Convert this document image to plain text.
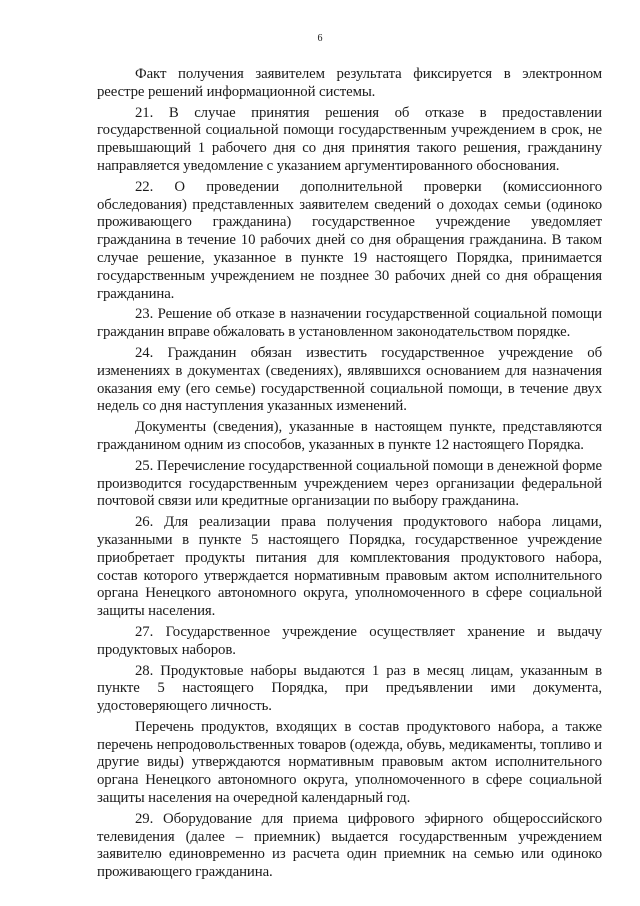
6

Факт получения заявителем результата фиксируется в электронном реестре решений информационной системы.

21. В случае принятия решения об отказе в предоставлении государственной социальной помощи государственным учреждением в срок, не превышающий 1 рабочего дня со дня принятия такого решения, гражданину направляется уведомление с указанием аргументированного обоснования.

22. О проведении дополнительной проверки (комиссионного обследования) представленных заявителем сведений о доходах семьи (одиноко проживающего гражданина) государственное учреждение уведомляет гражданина в течение 10 рабочих дней со дня обращения гражданина. В таком случае решение, указанное в пункте 19 настоящего Порядка, принимается государственным учреждением не позднее 30 рабочих дней со дня обращения гражданина.

23. Решение об отказе в назначении государственной социальной помощи гражданин вправе обжаловать в установленном законодательством порядке.

24. Гражданин обязан известить государственное учреждение об изменениях в документах (сведениях), являвшихся основанием для назначения оказания ему (его семье) государственной социальной помощи, в течение двух недель со дня наступления указанных изменений.

Документы (сведения), указанные в настоящем пункте, представляются гражданином одним из способов, указанных в пункте 12 настоящего Порядка.

25. Перечисление государственной социальной помощи в денежной форме производится государственным учреждением через организации федеральной почтовой связи или кредитные организации по выбору гражданина.

26. Для реализации права получения продуктового набора лицами, указанными в пункте 5 настоящего Порядка, государственное учреждение приобретает продукты питания для комплектования продуктового набора, состав которого утверждается нормативным правовым актом исполнительного органа Ненецкого автономного округа, уполномоченного в сфере социальной защиты населения.

27. Государственное учреждение осуществляет хранение и выдачу продуктовых наборов.

28. Продуктовые наборы выдаются 1 раз в месяц лицам, указанным в пункте 5 настоящего Порядка, при предъявлении ими документа, удостоверяющего личность.

Перечень продуктов, входящих в состав продуктового набора, а также перечень непродовольственных товаров (одежда, обувь, медикаменты, топливо и другие виды) утверждаются нормативным правовым актом исполнительного органа Ненецкого автономного округа, уполномоченного в сфере социальной защиты населения на очередной календарный год.

29. Оборудование для приема цифрового эфирного общероссийского телевидения (далее – приемник) выдается государственным учреждением заявителю единовременно из расчета один приемник на семью или одиноко проживающего гражданина.
